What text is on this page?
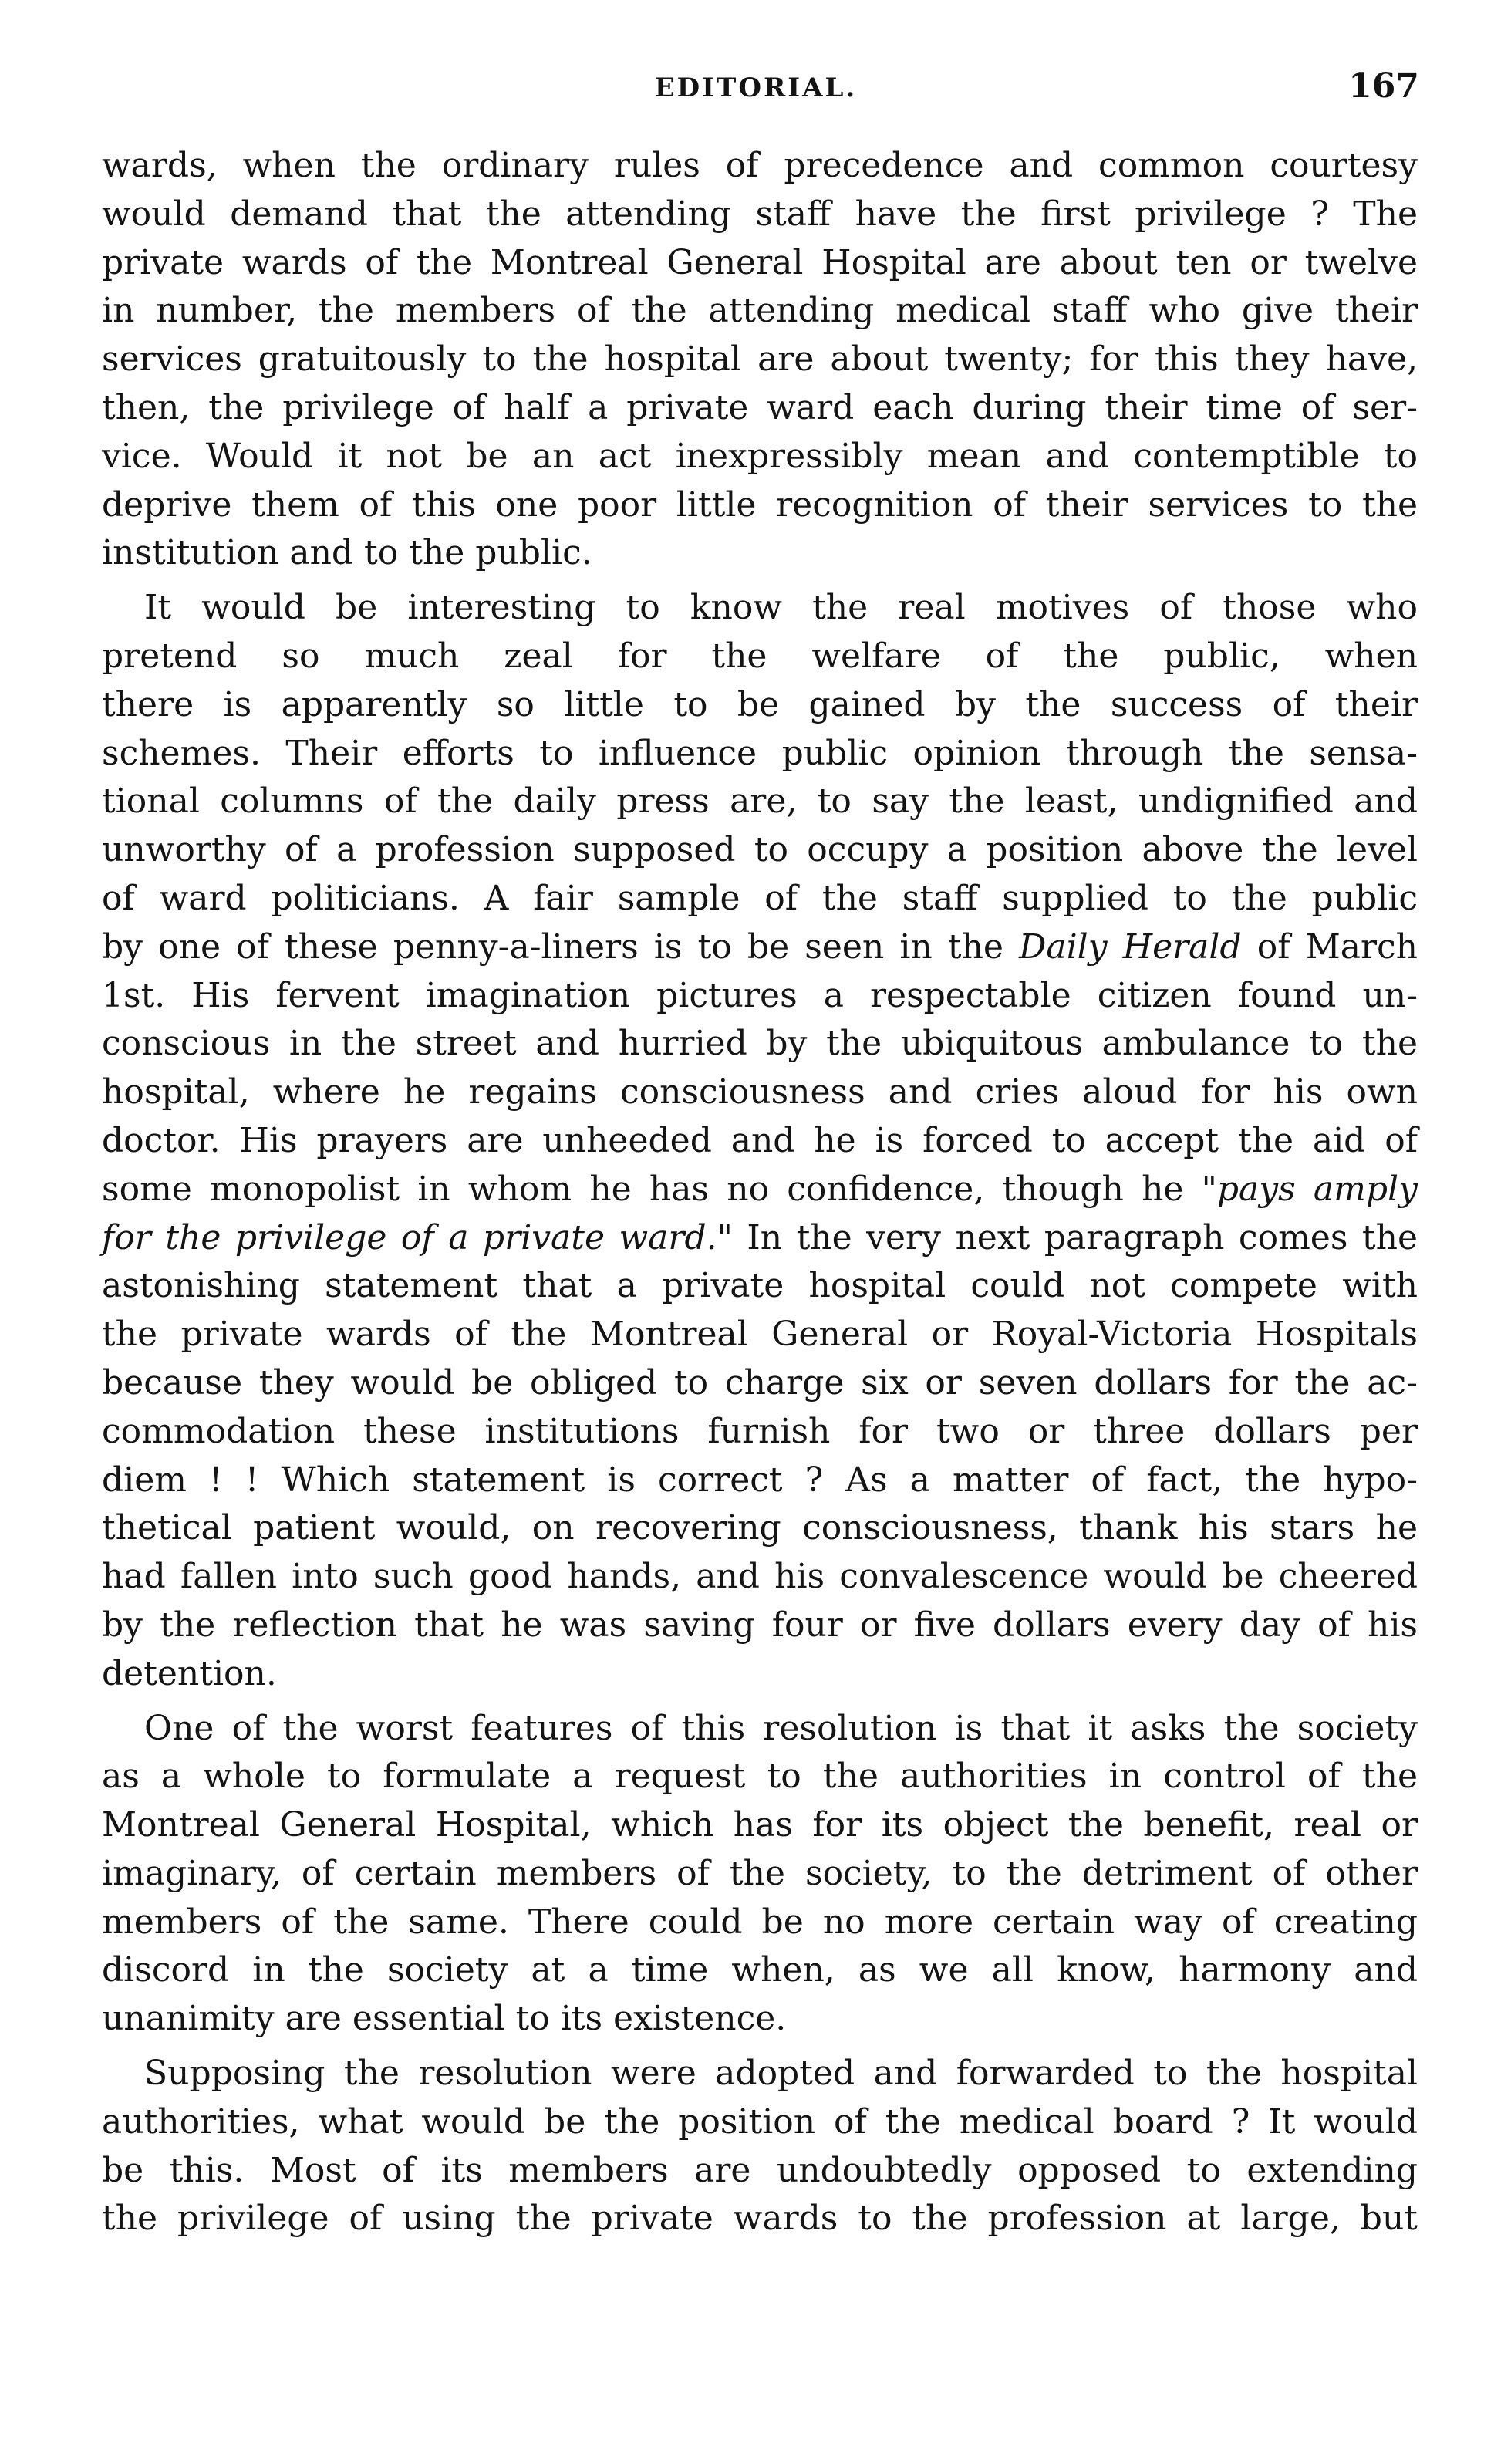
EDITORIAL.	167
wards, when the ordinary rules of precedence and common courtesy
would demand that the attending staff have the first privilege ? The
private wards of the Montreal General Hospital are about ten or twelve
in number, the members of the attending medical staff who give their
services gratuitously to the hospital are about twenty; for this they have,
then, the privilege of half a private ward each during their time of ser-
vice. Would it not be an act inexpressibly mean and contemptible to
deprive them of this one poor little recognition of their services to the
institution and to the public.
It would be interesting to know the real motives of those who
pretend so much zeal for the welfare of the public, when
there is apparently so little to be gained by the success of their
schemes. Their efforts to influence public opinion through the sensa-
tional columns of the daily press are, to say the least, undignified and
unworthy of a profession supposed to occupy a position above the level
of ward politicians. A fair sample of the staff supplied to the public
by one of these penny-a-liners is to be seen in the Daily Herald of March
1st. His fervent imagination pictures a respectable citizen found un-
conscious in the street and hurried by the ubiquitous ambulance to the
hospital, where he regains consciousness and cries aloud for his own
doctor. His prayers are unheeded and he is forced to accept the aid of
some monopolist in whom he has no confidence, though he "pays amply
for the privilege of a private ward." In the very next paragraph comes the
astonishing statement that a private hospital could not compete with
the private wards of the Montreal General or Royal-Victoria Hospitals
because they would be obliged to charge six or seven dollars for the ac-
commodation these institutions furnish for two or three dollars per
diem ! ! Which statement is correct ? As a matter of fact, the hypo-
thetical patient would, on recovering consciousness, thank his stars he
had fallen into such good hands, and his convalescence would be cheered
by the reflection that he was saving four or five dollars every day of his
detention.
One of the worst features of this resolution is that it asks the society
as a whole to formulate a request to the authorities in control of the
Montreal General Hospital, which has for its object the benefit, real or
imaginary, of certain members of the society, to the detriment of other
members of the same. There could be no more certain way of creating
discord in the society at a time when, as we all know, harmony and
unanimity are essential to its existence.
Supposing the resolution were adopted and forwarded to the hospital
authorities, what would be the position of the medical board ? It would
be this. Most of its members are undoubtedly opposed to extending
the privilege of using the private wards to the profession at large, but
